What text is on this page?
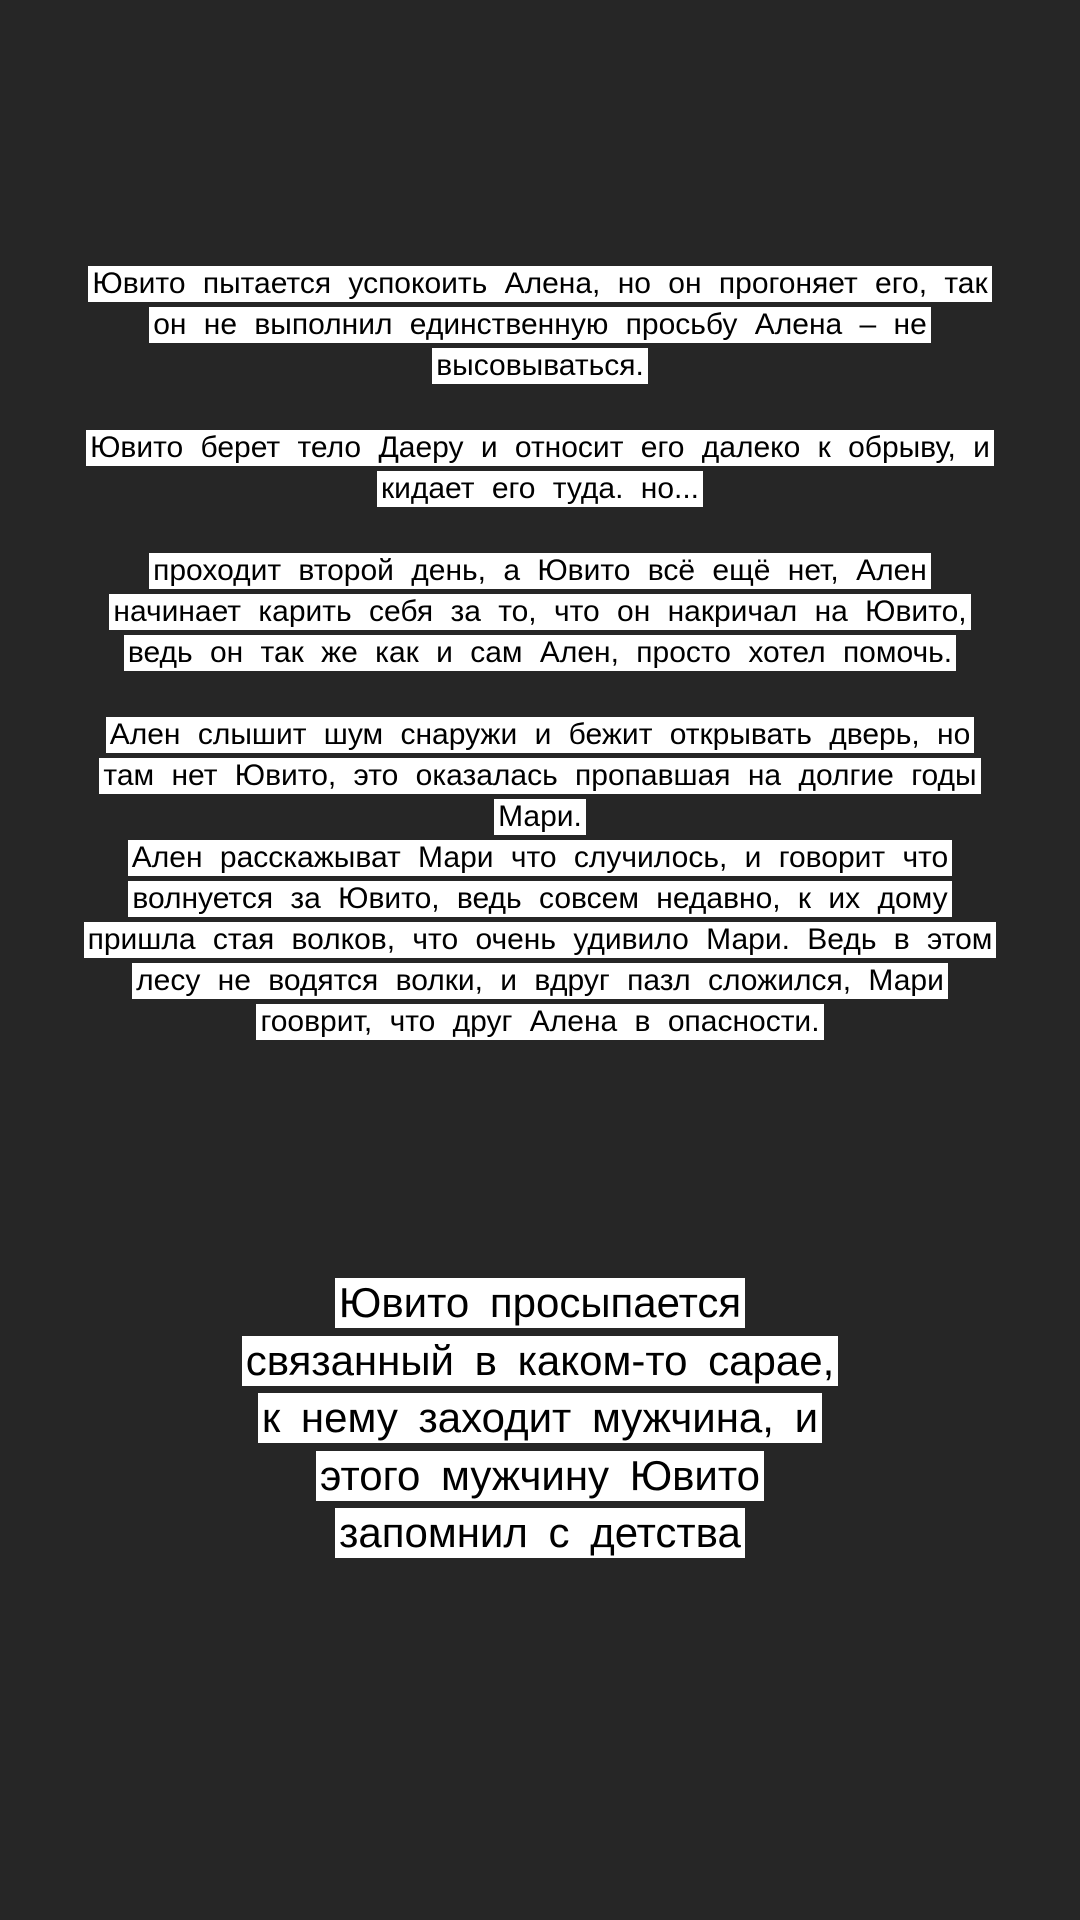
Ювито пытается успокоить Алена, но он прогоняет его, так
он не выполнил единственную просьбу Алена – не
высовываться.
Ювито берет тело Даеру и относит его далеко к обрыву, и
кидает его туда. но...
проходит второй день, а Ювито всё ещё нет, Ален
начинает карить себя за то, что он накричал на Ювито,
ведь он так же как и сам Ален, просто хотел помочь.
Ален слышит шум снаружи и бежит открывать дверь, но
там нет Ювито, это оказалась пропавшая на долгие годы
Мари.
Ален расскажыват Мари что случилось, и говорит что
волнуется за Ювито, ведь совсем недавно, к их дому
пришла стая волков, что очень удивило Мари. Ведь в этом
лесу не водятся волки, и вдруг пазл сложился, Мари
гооврит, что друг Алена в опасности.
Ювито просыпается
связанный в каком-то сарае,
к нему заходит мужчина, и
этого мужчину Ювито
запомнил с детства
